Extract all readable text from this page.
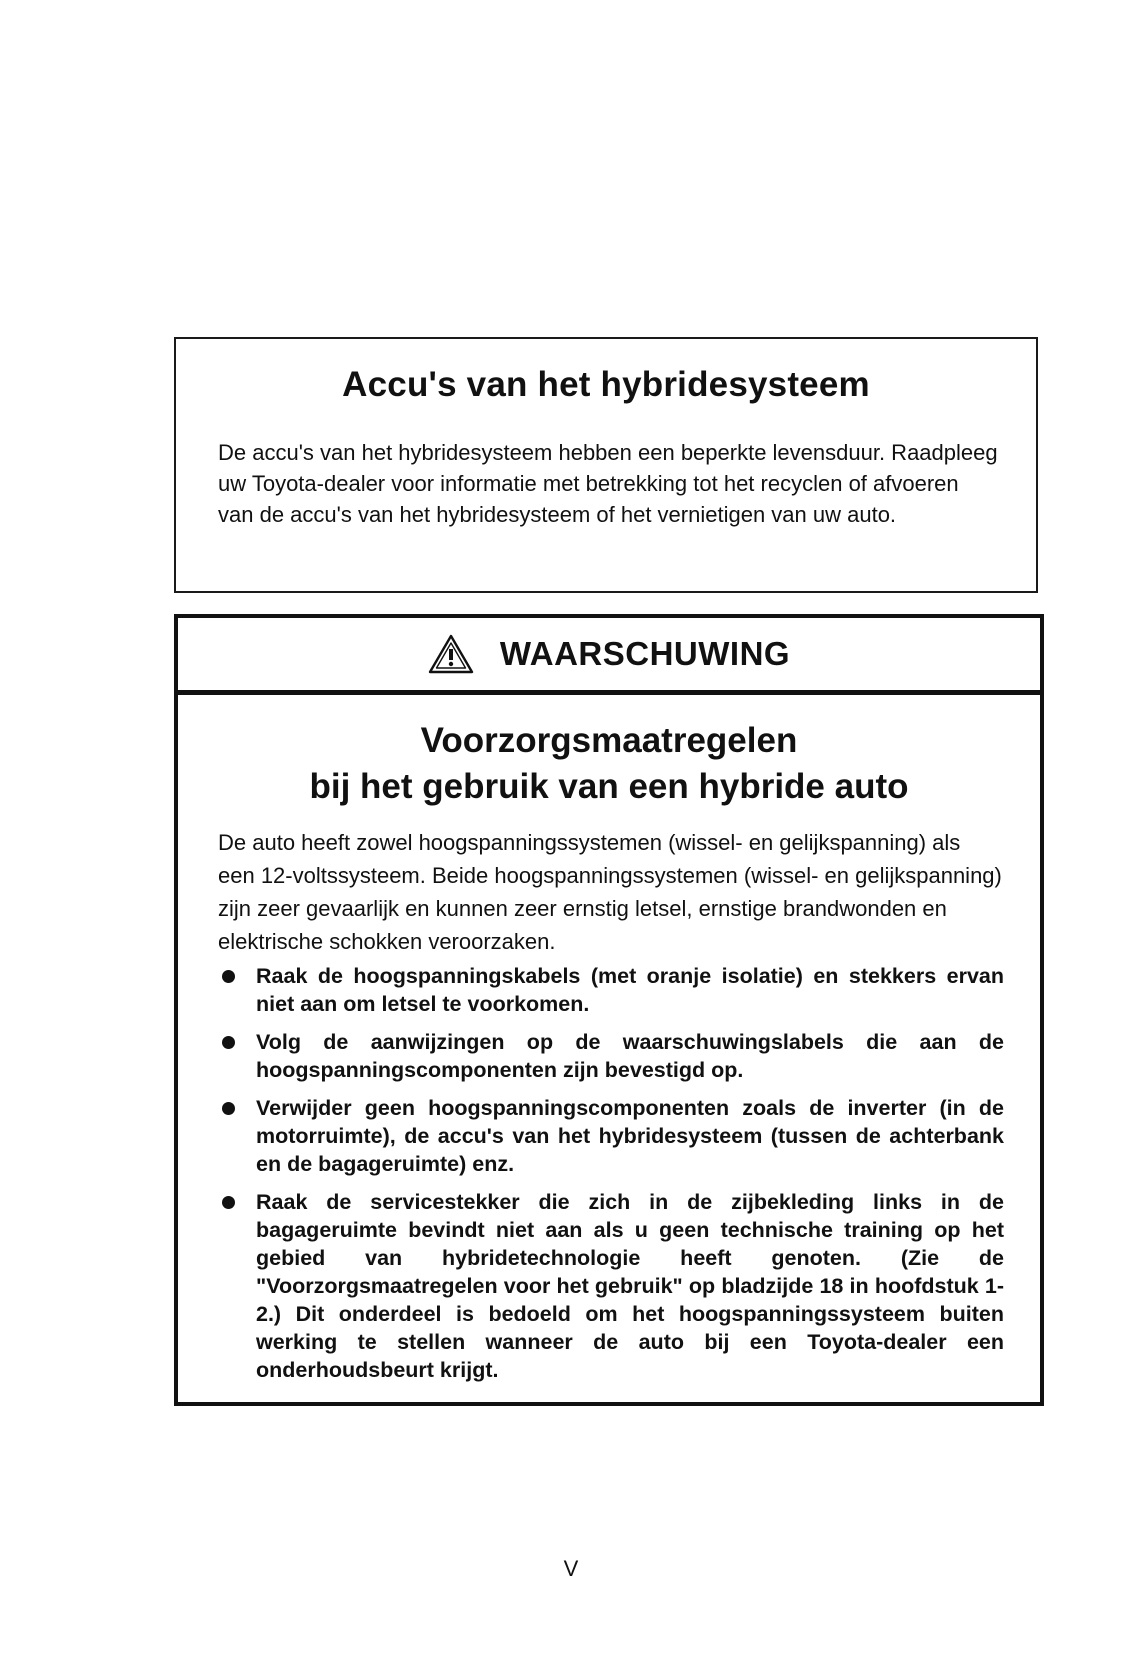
Accu's van het hybridesysteem
De accu's van het hybridesysteem hebben een beperkte levensduur. Raadpleeg uw Toyota-dealer voor informatie met betrekking tot het recyclen of afvoeren van de accu's van het hybridesysteem of het vernietigen van uw auto.
WAARSCHUWING
Voorzorgsmaatregelen
bij het gebruik van een hybride auto
De auto heeft zowel hoogspanningssystemen (wissel- en gelijkspanning) als een 12-voltssysteem. Beide hoogspanningssystemen (wissel- en gelijkspanning) zijn zeer gevaarlijk en kunnen zeer ernstig letsel, ernstige brandwonden en elektrische schokken veroorzaken.
Raak de hoogspanningskabels (met oranje isolatie) en stekkers ervan niet aan om letsel te voorkomen.
Volg de aanwijzingen op de waarschuwingslabels die aan de hoogspanningscomponenten zijn bevestigd op.
Verwijder geen hoogspanningscomponenten zoals de inverter (in de motorruimte), de accu's van het hybridesysteem (tussen de achterbank en de bagageruimte) enz.
Raak de servicestekker die zich in de zijbekleding links in de bagageruimte bevindt niet aan als u geen technische training op het gebied van hybridetechnologie heeft genoten. (Zie de "Voorzorgsmaatregelen voor het gebruik" op bladzijde 18 in hoofdstuk 1-2.) Dit onderdeel is bedoeld om het hoogspanningssysteem buiten werking te stellen wanneer de auto bij een Toyota-dealer een onderhoudsbeurt krijgt.
V
